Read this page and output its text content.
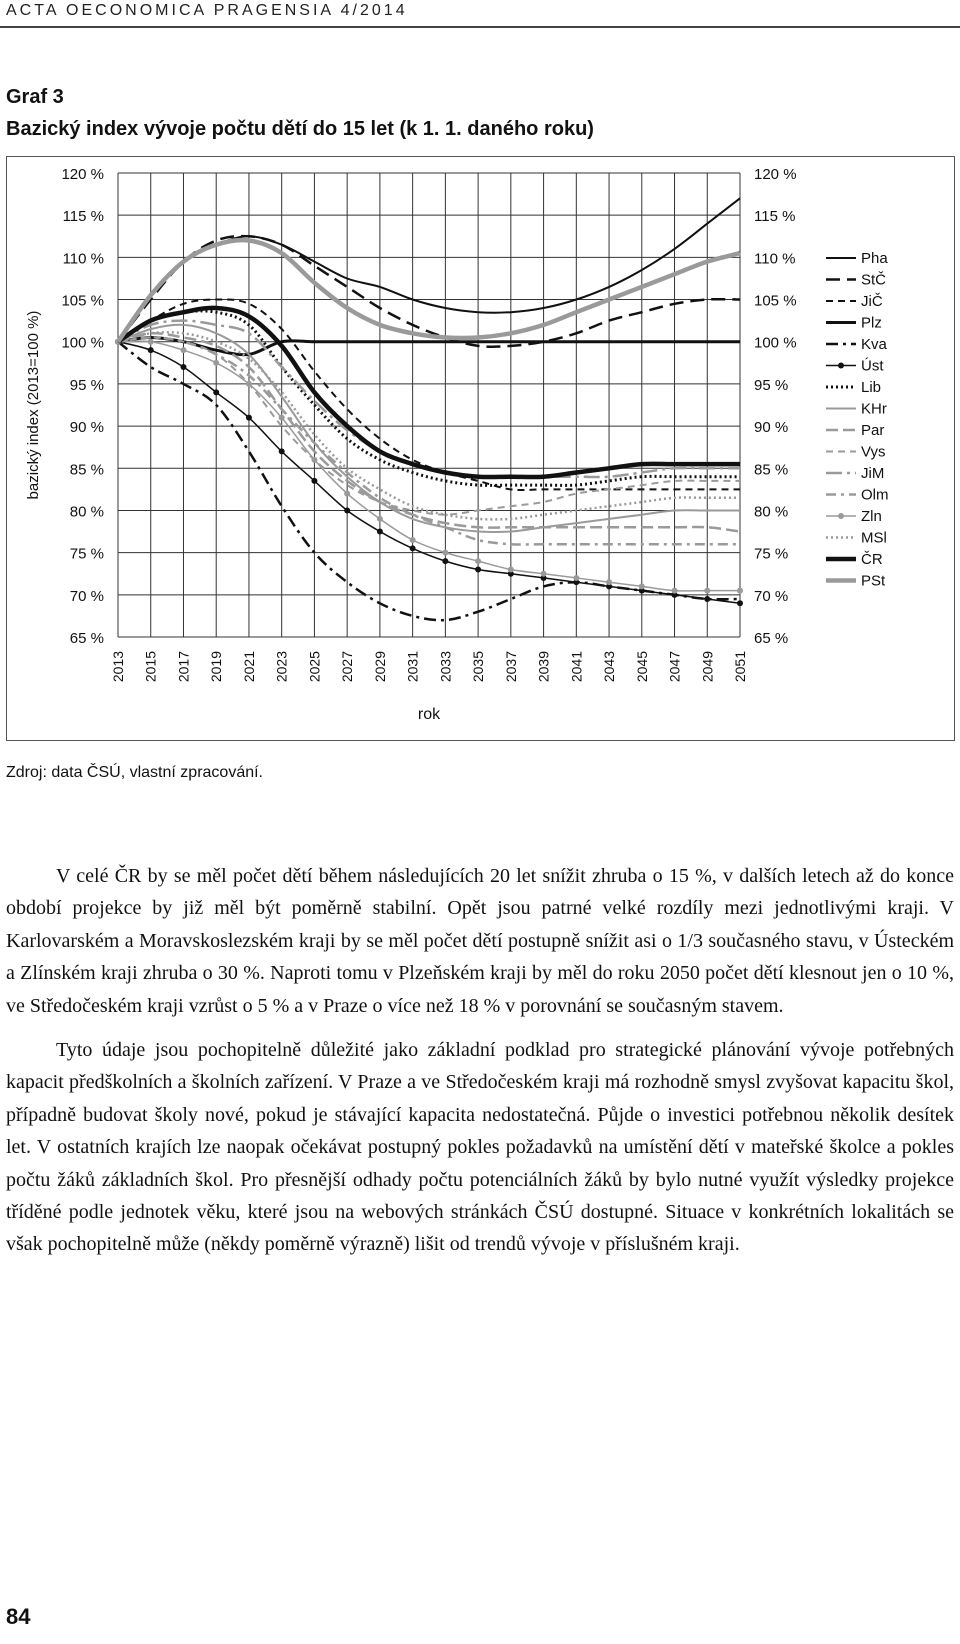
ACTA OECONOMICA PRAGENSIA 4/2014
Graf 3
Bazický index vývoje počtu dětí do 15 let (k 1. 1. daného roku)
65 %	65 %
70 %	70 %
75 %	75 %
80 %	80 %
85 %	85 %
90 %	90 %
95 %	95 %
100 %	100 %
105 %	105 %
110 %	110 %
115 %	115 %
120 %	120 %
2013 2015 2017 2019 2021 2023 2025 2027 2029 2031 2033 2035 2037 2039 2041 2043 2045 2047 2049 2051
bazický index (2013=100 %)
rok
Pha
StČ
JiČ
Plz
Kva
Úst
Lib
KHr
Par
Vys
JiM
Olm
Zln
MSl
ČR
PSt
Zdroj: data ČSÚ, vlastní zpracování.

V celé ČR by se měl počet dětí během následujících 20 let snížit zhruba o 15 %, v dalších letech až do konce období projekce by již měl být poměrně stabilní. Opět jsou patrné velké rozdíly mezi jednotlivými kraji. V Karlovarském a Moravskoslezském kraji by se měl počet dětí postupně snížit asi o 1/3 současného stavu, v Ústeckém a Zlínském kraji zhruba o 30 %. Naproti tomu v Plzeňském kraji by měl do roku 2050 počet dětí klesnout jen o 10 %, ve Středočeském kraji vzrůst o 5 % a v Praze o více než 18 % v porovnání se současným stavem.

Tyto údaje jsou pochopitelně důležité jako základní podklad pro strategické plánování vývoje potřebných kapacit předškolních a školních zařízení. V Praze a ve Středočeském kraji má rozhodně smysl zvyšovat kapacitu škol, případně budovat školy nové, pokud je stávající kapacita nedostatečná. Půjde o investici potřebnou několik desítek let. V ostatních krajích lze naopak očekávat postupný pokles požadavků na umístění dětí v mateřské školce a pokles počtu žáků základních škol. Pro přesnější odhady počtu potenciálních žáků by bylo nutné využít výsledky projekce tříděné podle jednotek věku, které jsou na webových stránkách ČSÚ dostupné. Situace v konkrétních lokalitách se však pochopitelně může (někdy poměrně výrazně) lišit od trendů vývoje v příslušném kraji.

84
